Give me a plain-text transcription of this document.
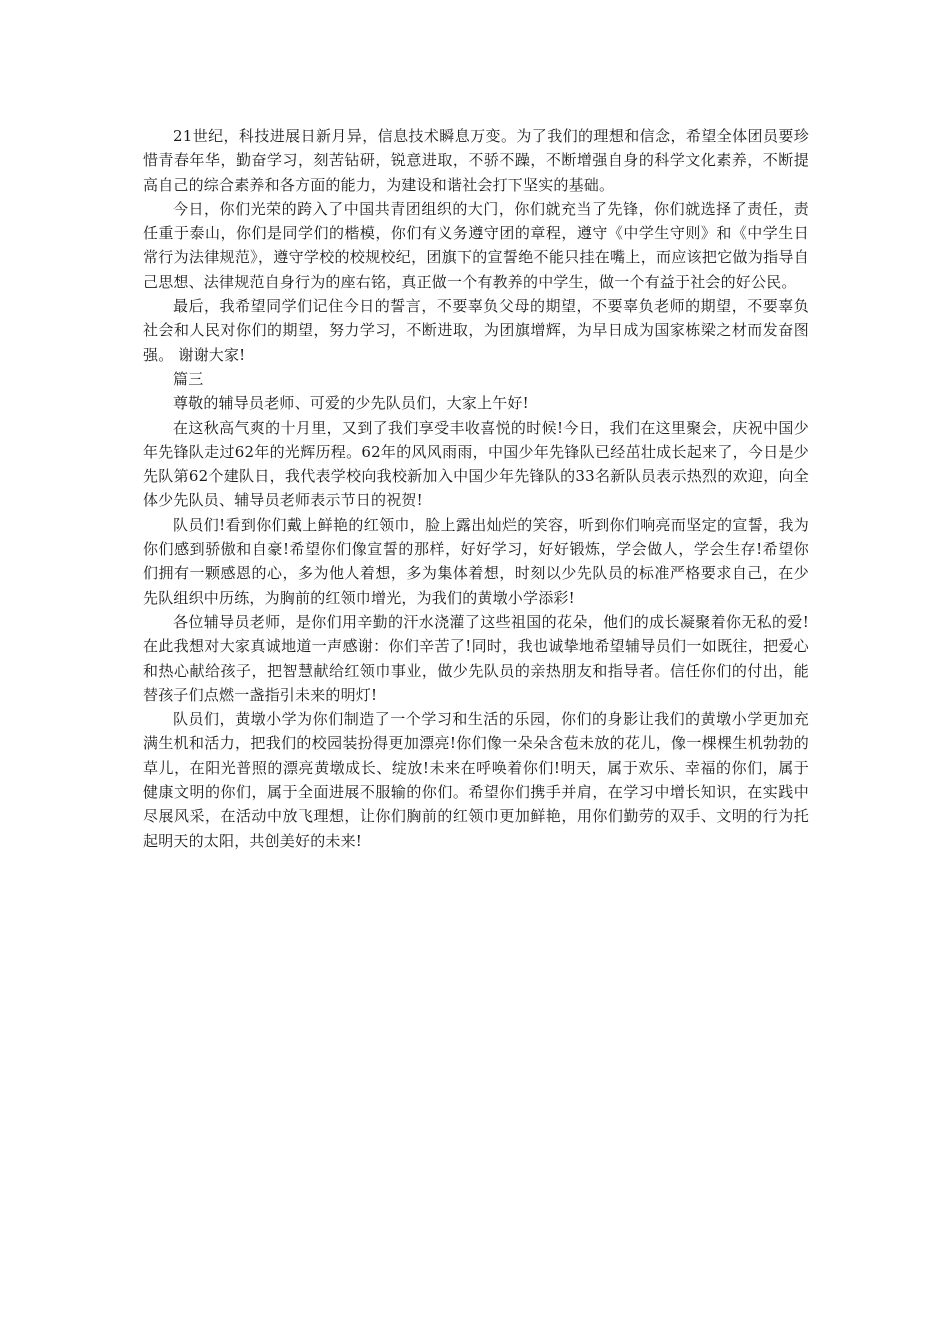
21世纪，科技进展日新月异，信息技术瞬息万变。为了我们的理想和信念，希望全体团员要珍惜青春年华，勤奋学习，刻苦钻研，锐意进取，不骄不躁，不断增强自身的科学文化素养，不断提高自己的综合素养和各方面的能力，为建设和谐社会打下坚实的基础。

今日，你们光荣的跨入了中国共青团组织的大门，你们就充当了先锋，你们就选择了责任，责任重于泰山，你们是同学们的楷模，你们有义务遵守团的章程，遵守《中学生守则》和《中学生日常行为法律规范》，遵守学校的校规校纪，团旗下的宣誓绝不能只挂在嘴上，而应该把它做为指导自己思想、法律规范自身行为的座右铭，真正做一个有教养的中学生，做一个有益于社会的好公民。

最后，我希望同学们记住今日的誓言，不要辜负父母的期望，不要辜负老师的期望，不要辜负社会和人民对你们的期望，努力学习，不断进取，为团旗增辉，为早日成为国家栋梁之材而发奋图强。 谢谢大家!

篇三

尊敬的辅导员老师、可爱的少先队员们，大家上午好!

在这秋高气爽的十月里，又到了我们享受丰收喜悦的时候!今日，我们在这里聚会，庆祝中国少年先锋队走过62年的光辉历程。62年的风风雨雨，中国少年先锋队已经茁壮成长起来了，今日是少先队第62个建队日，我代表学校向我校新加入中国少年先锋队的33名新队员表示热烈的欢迎，向全体少先队员、辅导员老师表示节日的祝贺!

队员们!看到你们戴上鲜艳的红领巾，脸上露出灿烂的笑容，听到你们响亮而坚定的宣誓，我为你们感到骄傲和自豪!希望你们像宣誓的那样，好好学习，好好锻炼，学会做人，学会生存!希望你们拥有一颗感恩的心，多为他人着想，多为集体着想，时刻以少先队员的标准严格要求自己，在少先队组织中历练，为胸前的红领巾增光，为我们的黄墩小学添彩!

各位辅导员老师，是你们用辛勤的汗水浇灌了这些祖国的花朵，他们的成长凝聚着你无私的爱!在此我想对大家真诚地道一声感谢：你们辛苦了!同时，我也诚挚地希望辅导员们一如既往，把爱心和热心献给孩子，把智慧献给红领巾事业，做少先队员的亲热朋友和指导者。信任你们的付出，能替孩子们点燃一盏指引未来的明灯!

队员们，黄墩小学为你们制造了一个学习和生活的乐园，你们的身影让我们的黄墩小学更加充满生机和活力，把我们的校园装扮得更加漂亮!你们像一朵朵含苞未放的花儿，像一棵棵生机勃勃的草儿，在阳光普照的漂亮黄墩成长、绽放!未来在呼唤着你们!明天，属于欢乐、幸福的你们，属于健康文明的你们，属于全面进展不服输的你们。希望你们携手并肩，在学习中增长知识，在实践中尽展风采，在活动中放飞理想，让你们胸前的红领巾更加鲜艳，用你们勤劳的双手、文明的行为托起明天的太阳，共创美好的未来!
